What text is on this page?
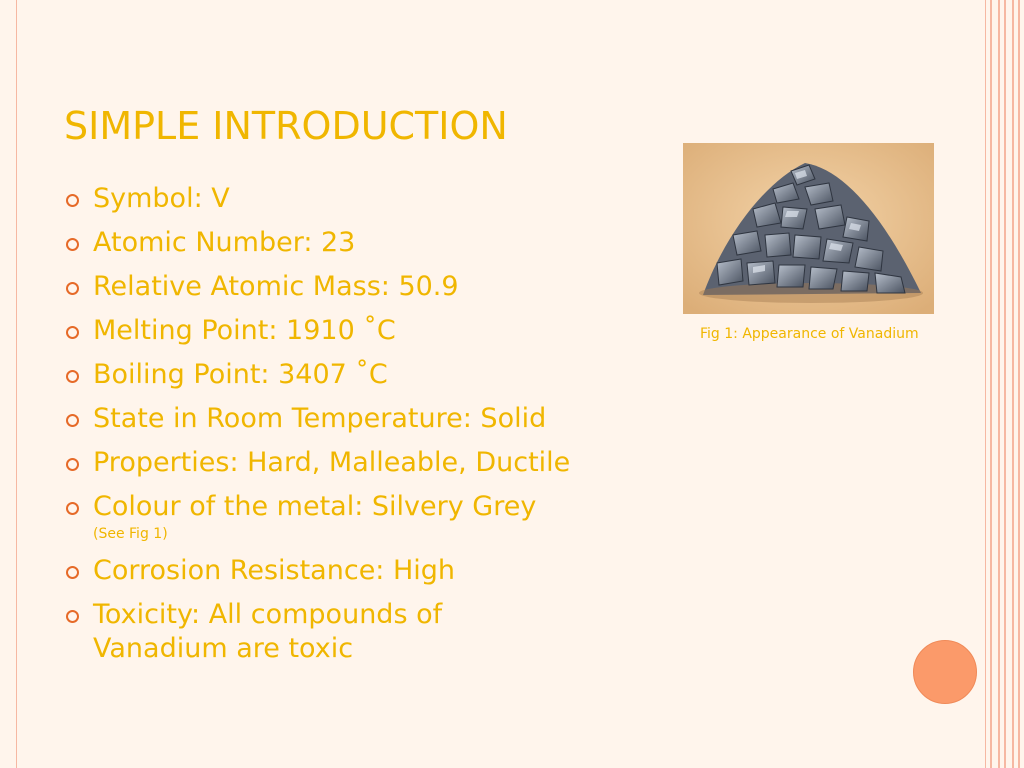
SIMPLE INTRODUCTION
Symbol: V
Atomic Number: 23
Relative Atomic Mass: 50.9
Melting Point: 1910 ˚C
Boiling Point: 3407 ˚C
State in Room Temperature: Solid
Properties: Hard, Malleable, Ductile
Colour of the metal: Silvery Grey
(See Fig 1)
Corrosion Resistance: High
Toxicity: All compounds of Vanadium are toxic
Fig 1: Appearance of Vanadium
